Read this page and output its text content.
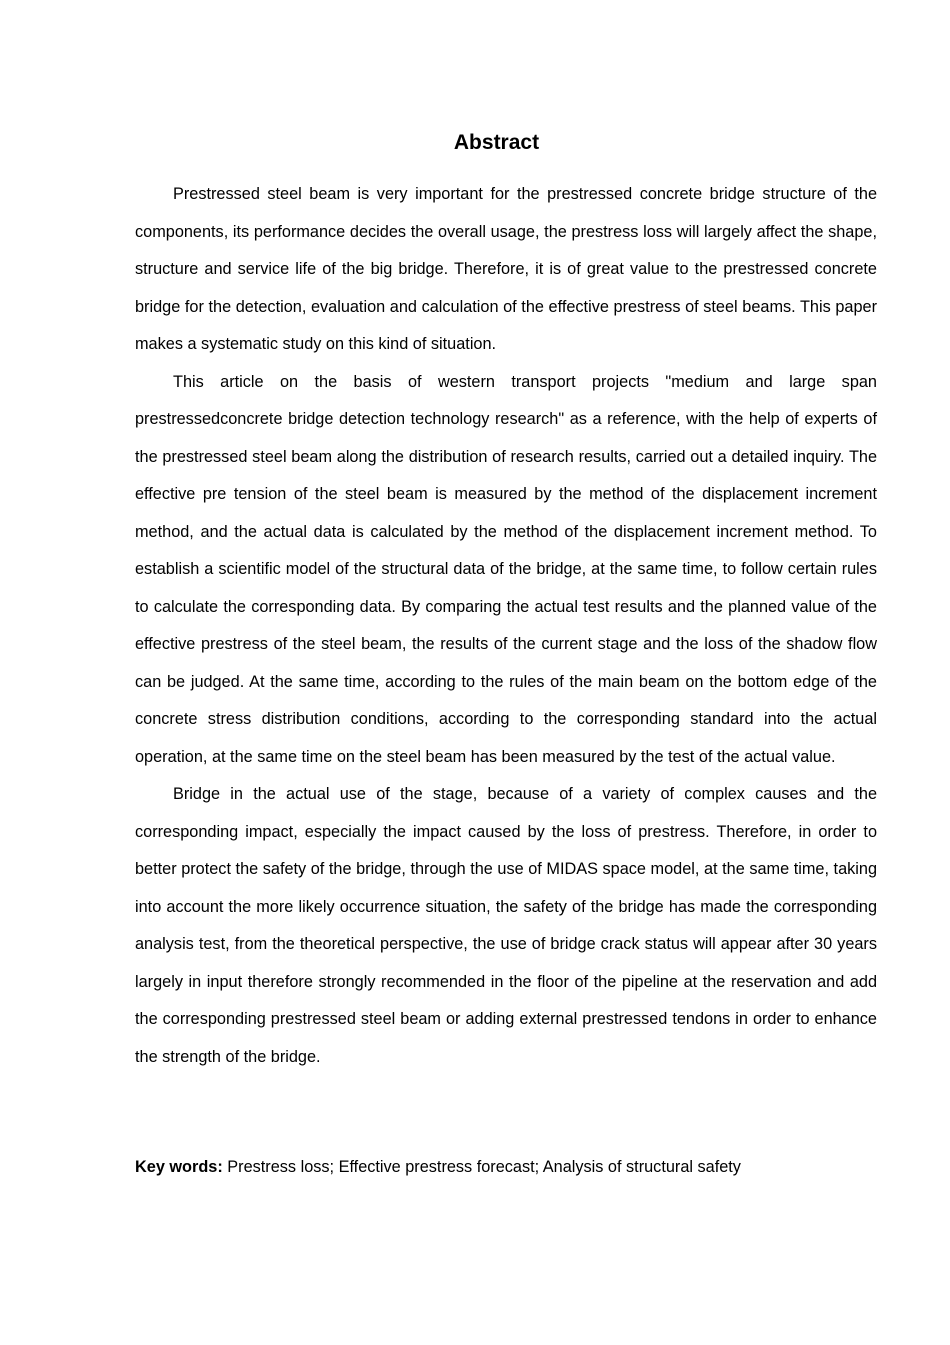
Abstract

Prestressed steel beam is very important for the prestressed concrete bridge structure of the components, its performance decides the overall usage, the prestress loss will largely affect the shape, structure and service life of the big bridge. Therefore, it is of great value to the prestressed concrete bridge for the detection, evaluation and calculation of the effective prestress of steel beams. This paper makes a systematic study on this kind of situation.

This article on the basis of western transport projects "medium and large span prestressedconcrete bridge detection technology research" as a reference, with the help of experts of the prestressed steel beam along the distribution of research results, carried out a detailed inquiry. The effective pre tension of the steel beam is measured by the method of the displacement increment method, and the actual data is calculated by the method of the displacement increment method. To establish a scientific model of the structural data of the bridge, at the same time, to follow certain rules to calculate the corresponding data. By comparing the actual test results and the planned value of the effective prestress of the steel beam, the results of the current stage and the loss of the shadow flow can be judged. At the same time, according to the rules of the main beam on the bottom edge of the concrete stress distribution conditions, according to the corresponding standard into the actual operation, at the same time on the steel beam has been measured by the test of the actual value.

Bridge in the actual use of the stage, because of a variety of complex causes and the corresponding impact, especially the impact caused by the loss of prestress. Therefore, in order to better protect the safety of the bridge, through the use of MIDAS space model, at the same time, taking into account the more likely occurrence situation, the safety of the bridge has made the corresponding analysis test, from the theoretical perspective, the use of bridge crack status will appear after 30 years largely in input therefore strongly recommended in the floor of the pipeline at the reservation and add the corresponding prestressed steel beam or adding external prestressed tendons in order to enhance the strength of the bridge.

Key words: Prestress loss; Effective prestress forecast; Analysis of structural safety
